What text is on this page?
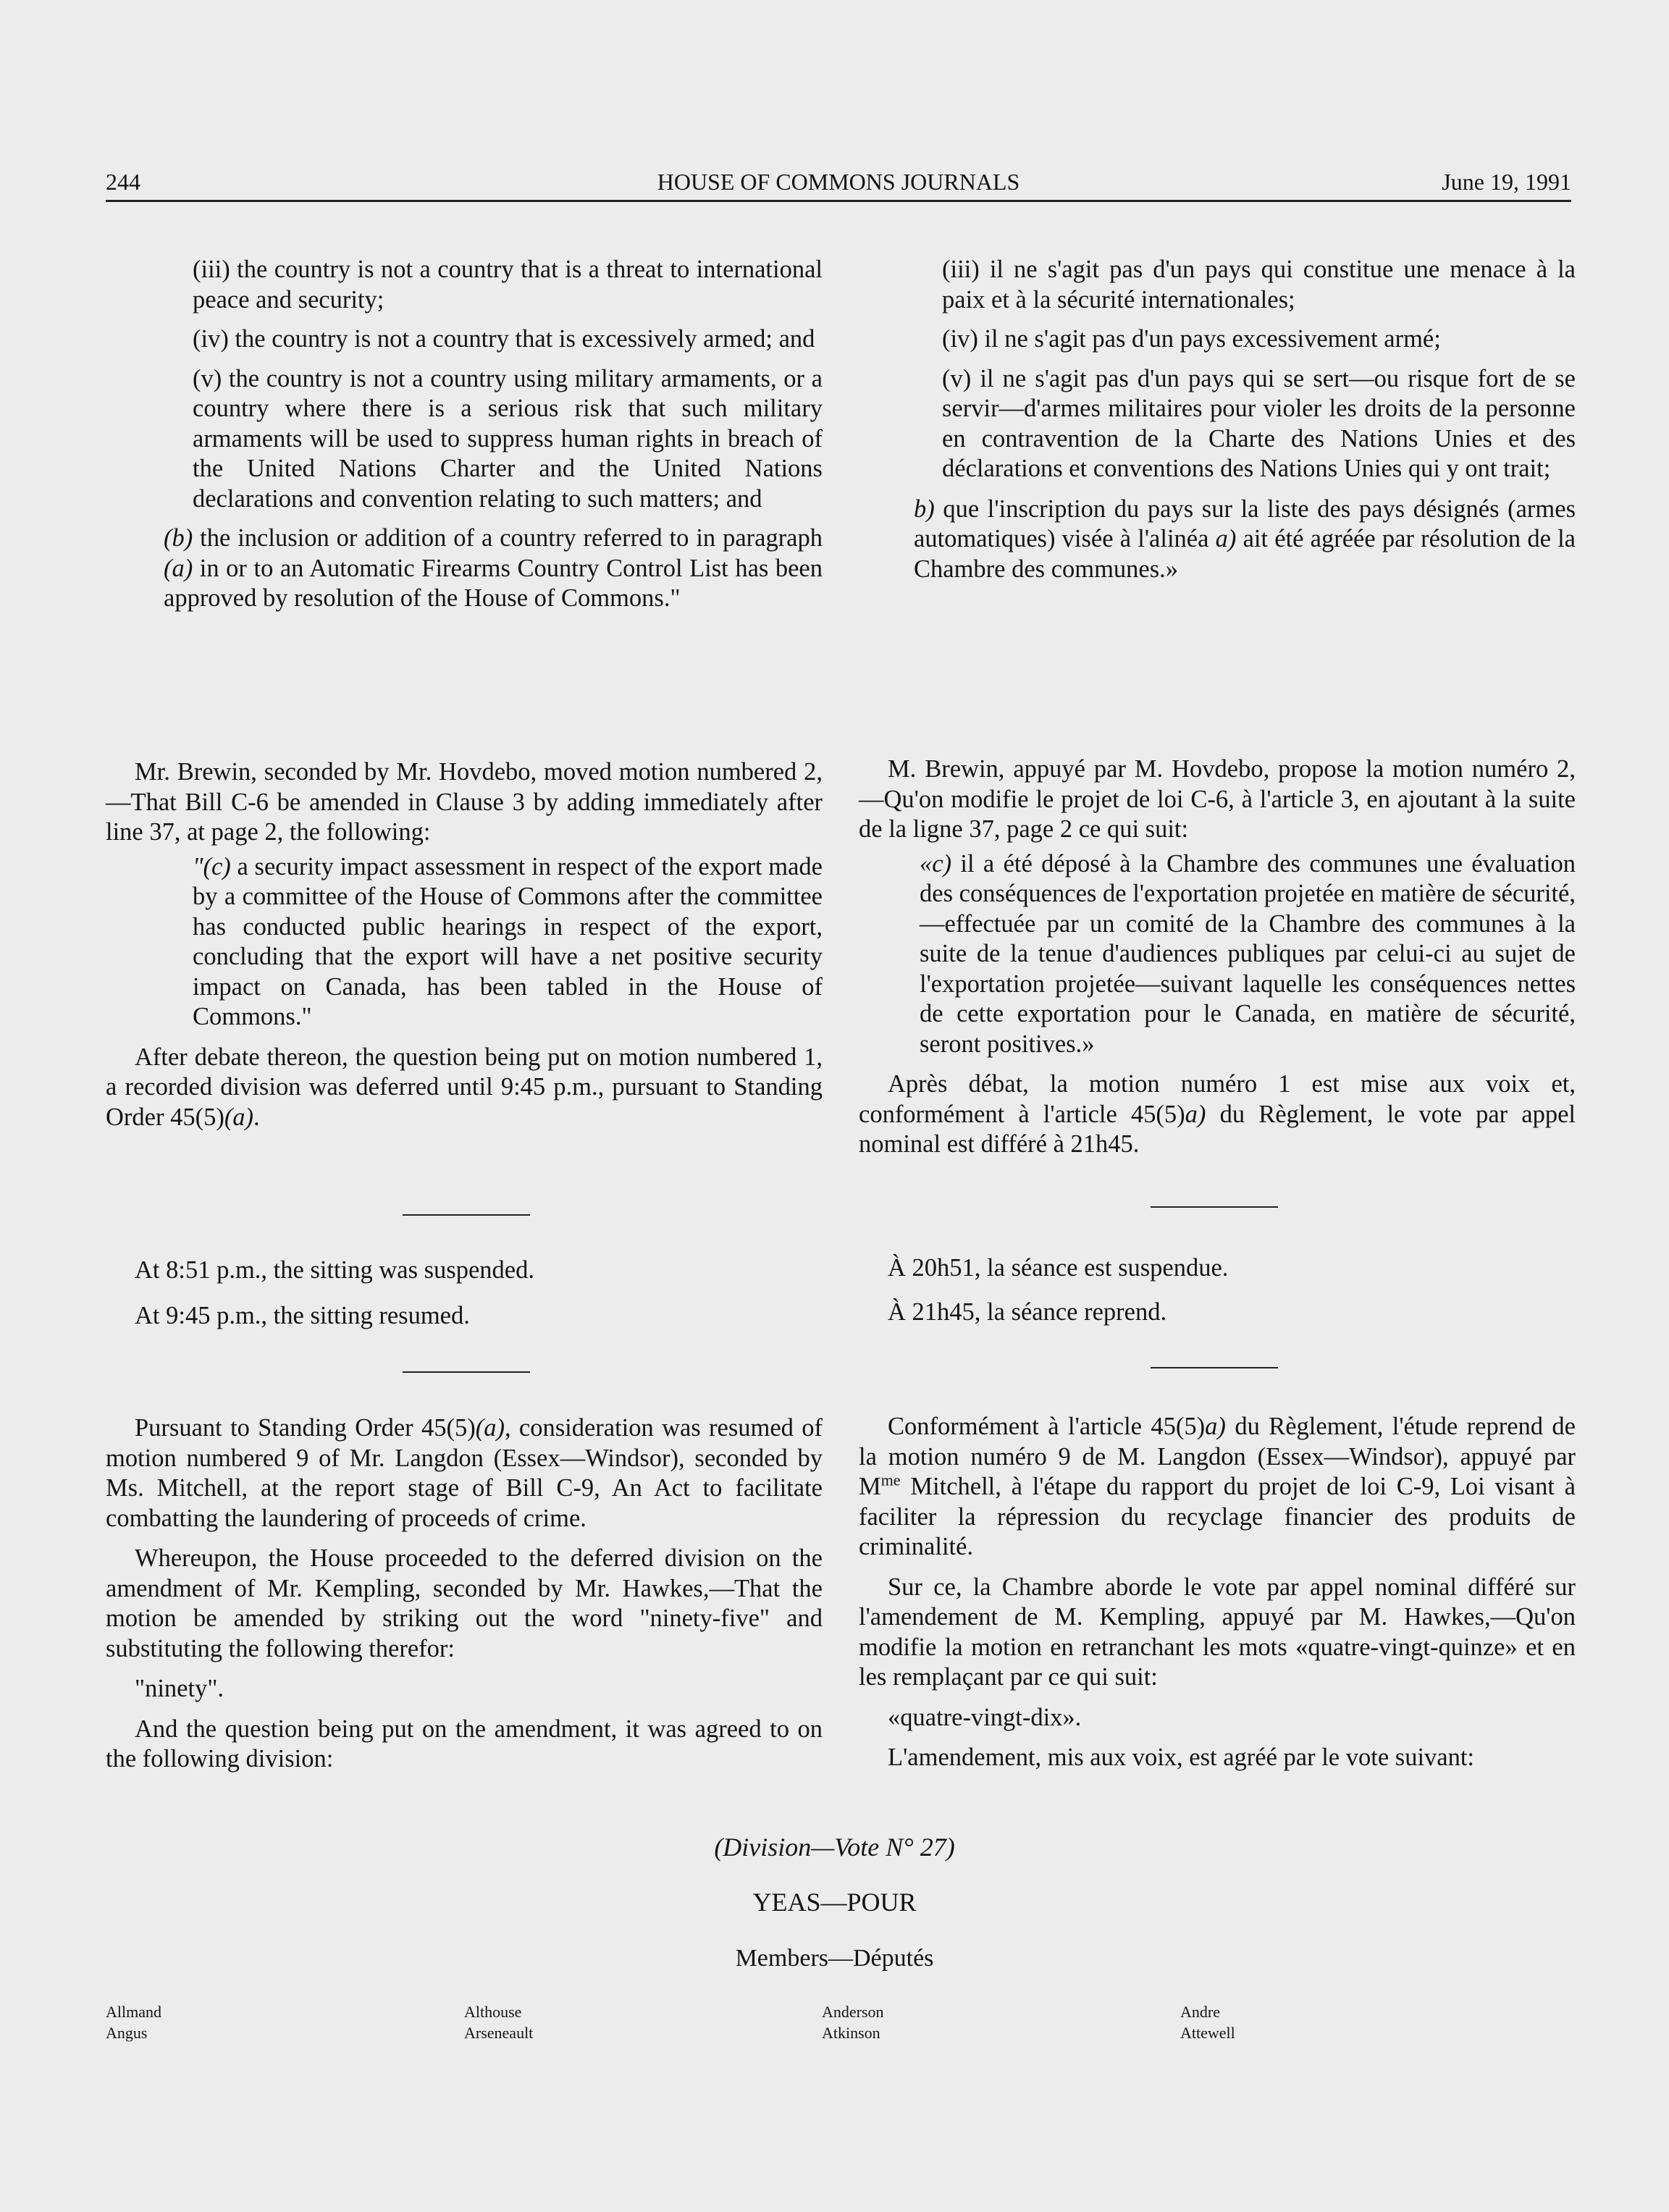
HOUSE OF COMMONS JOURNALS
244	June 19, 1991

(iii) the country is not a country that is a threat to international peace and security;

(iv) the country is not a country that is excessively armed; and

(v) the country is not a country using military armaments, or a country where there is a serious risk that such military armaments will be used to suppress human rights in breach of the United Nations Charter and the United Nations declarations and convention relating to such matters; and

(b) the inclusion or addition of a country referred to in paragraph (a) in or to an Automatic Firearms Country Control List has been approved by resolution of the House of Commons."

Mr. Brewin, seconded by Mr. Hovdebo, moved motion numbered 2,—That Bill C-6 be amended in Clause 3 by adding immediately after line 37, at page 2, the following:

"(c) a security impact assessment in respect of the export made by a committee of the House of Commons after the committee has conducted public hearings in respect of the export, concluding that the export will have a net positive security impact on Canada, has been tabled in the House of Commons."

After debate thereon, the question being put on motion numbered 1, a recorded division was deferred until 9:45 p.m., pursuant to Standing Order 45(5)(a).

At 8:51 p.m., the sitting was suspended.

At 9:45 p.m., the sitting resumed.

Pursuant to Standing Order 45(5)(a), consideration was resumed of motion numbered 9 of Mr. Langdon (Essex—Windsor), seconded by Ms. Mitchell, at the report stage of Bill C-9, An Act to facilitate combatting the laundering of proceeds of crime.

Whereupon, the House proceeded to the deferred division on the amendment of Mr. Kempling, seconded by Mr. Hawkes,—That the motion be amended by striking out the word "ninety-five" and substituting the following therefor:

"ninety".

And the question being put on the amendment, it was agreed to on the following division:

(iii) il ne s'agit pas d'un pays qui constitue une menace à la paix et à la sécurité internationales;

(iv) il ne s'agit pas d'un pays excessivement armé;

(v) il ne s'agit pas d'un pays qui se sert—ou risque fort de se servir—d'armes militaires pour violer les droits de la personne en contravention de la Charte des Nations Unies et des déclarations et conventions des Nations Unies qui y ont trait;

b) que l'inscription du pays sur la liste des pays désignés (armes automatiques) visée à l'alinéa a) ait été agréée par résolution de la Chambre des communes.»

M. Brewin, appuyé par M. Hovdebo, propose la motion numéro 2,—Qu'on modifie le projet de loi C-6, à l'article 3, en ajoutant à la suite de la ligne 37, page 2 ce qui suit:

«c) il a été déposé à la Chambre des communes une évaluation des conséquences de l'exportation projetée en matière de sécurité,—effectuée par un comité de la Chambre des communes à la suite de la tenue d'audiences publiques par celui-ci au sujet de l'exportation projetée—suivant laquelle les conséquences nettes de cette exportation pour le Canada, en matière de sécurité, seront positives.»

Après débat, la motion numéro 1 est mise aux voix et, conformément à l'article 45(5)a) du Règlement, le vote par appel nominal est différé à 21h45.

À 20h51, la séance est suspendue.

À 21h45, la séance reprend.

Conformément à l'article 45(5)a) du Règlement, l'étude reprend de la motion numéro 9 de M. Langdon (Essex—Windsor), appuyé par $M^{me}$ Mitchell, à l'étape du rapport du projet de loi C-9, Loi visant à faciliter la répression du recyclage financier des produits de criminalité.

Sur ce, la Chambre aborde le vote par appel nominal différé sur l'amendement de M. Kempling, appuyé par M. Hawkes,—Qu'on modifie la motion en retranchant les mots «quatre-vingt-quinze» et en les remplaçant par ce qui suit:

«quatre-vingt-dix».

L'amendement, mis aux voix, est agréé par le vote suivant:

(Division—Vote N° 27)
YEAS—POUR
Members—Députés

Allmand

Angus

Althouse

Arseneault

Anderson

Atkinson

Andre

Attewell
